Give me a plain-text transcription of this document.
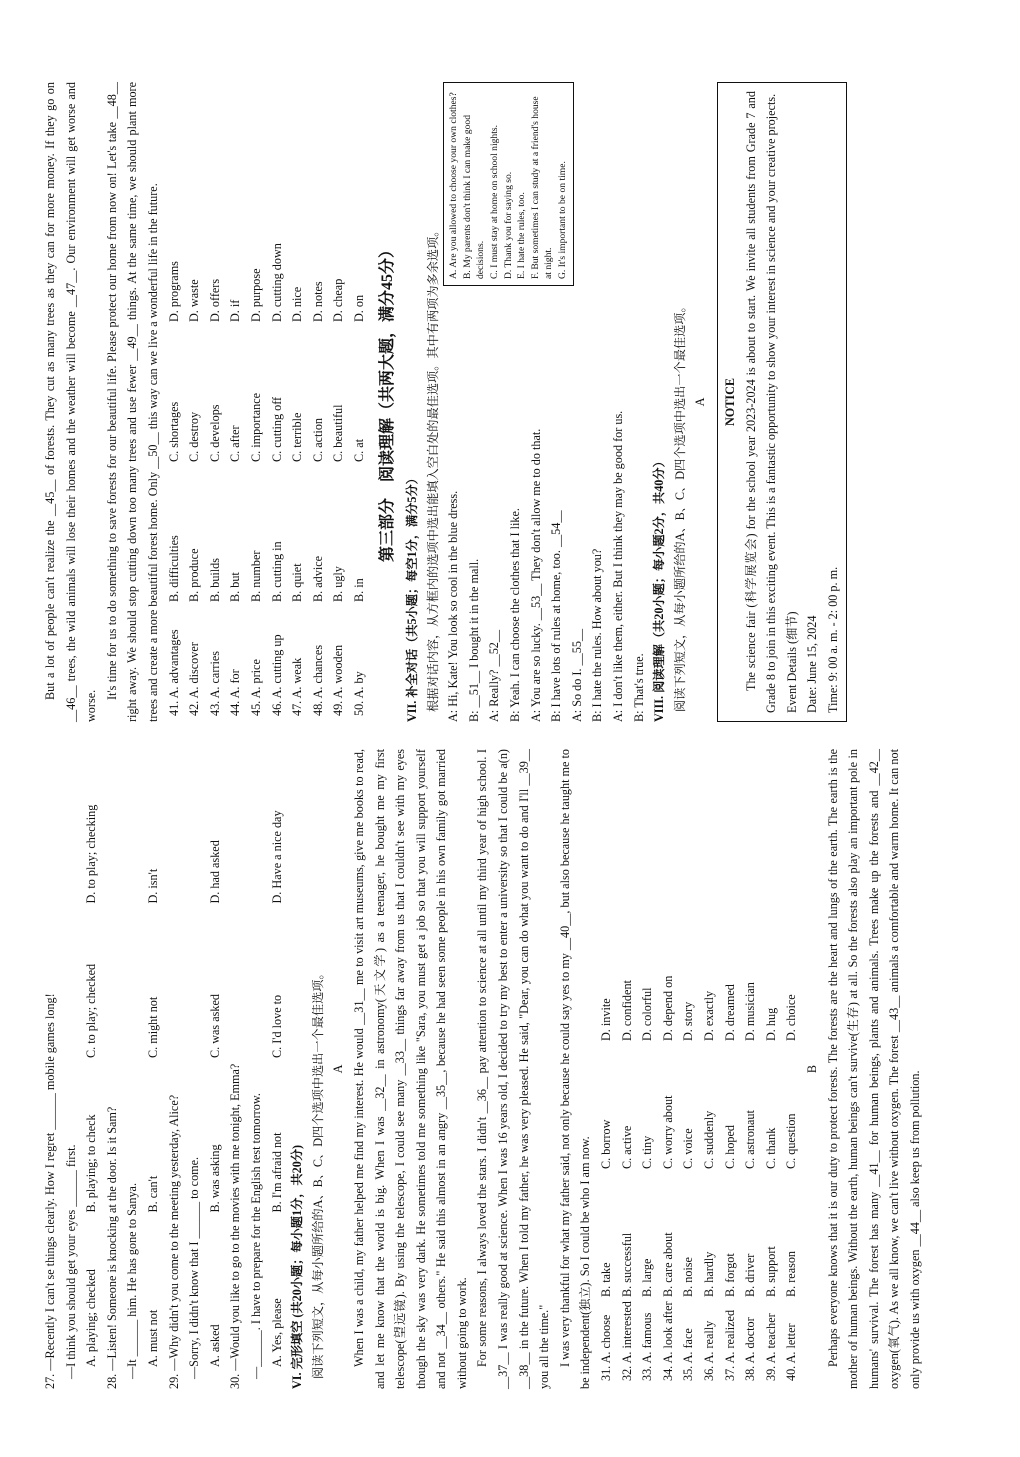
27. —Recently I can't se things clearly. How I regret ______ mobile games long! —I think you should get your eyes ______ first. A. playing; checked
B. playing; to check
C. to play; checked
D. to play; checking

28. —Listen! Someone is knocking at the door. Is it Sam? —It ______ him. He has gone to Sanya. A. must not
B. can't
C. might not
D. isn't

29. —Why didn't you come to the meeting yesterday, Alice? —Sorry, I didn't know that I ______ to come. A. asked
B. was asking
C. was asked
D. had asked

30. —Would you like to go to the movies with me tonight, Emma? —______. I have to prepare for the English test tomorrow. A. Yes, please
B. I'm afraid not
C. I'd love to
D. Have a nice day

VI. 完形填空 (共20小题；每小题1分，共20分) 阅读下列短文，从每小题所给的A、B、C、D四个选项中选出一个最佳选项。 A When I was a child, my father helped me find my interest. He would __31__ me to visit art museums, give me books to read, and let me know that the world is big. When I was __32__ in astronomy(天文学) as a teenager, he bought me my first telescope(望远镜). By using the telescope, I could see many __33__ things far away from us that I couldn't see with my eyes though the sky was very dark. He sometimes told me something like "Sara, you must get a job so that you will support yourself and not __34__ others." He said this almost in an angry __35__, because he had seen some people in his own family got married without going to work. For some reasons, I always loved the stars. I didn't __36__ pay attention to science at all until my third year of high school. I __37__ I was really good at science. When I was 16 years old, I decided to try my best to enter a university so that I could be a(n) __38__ in the future. When I told my father, he was very pleased. He said, "Dear, you can do what you want to do and I'll __39__ you all the time." I was very thankful for what my father said, not only because he could say yes to my __40__, but also because he taught me to be independent(独立). So I could be who I am now. 31. A. choose
B. take
C. borrow
D. invite
32. A. interested
B. successful
C. active
D. confident
33. A. famous
B. large
C. tiny
D. colorful
34. A. look after
B. care about
C. worry about
D. depend on
35. A. face
B. noise
C. voice
D. story
36. A. really
B. hardly
C. suddenly
D. exactly
37. A. realized
B. forgot
C. hoped
D. dreamed
38. A. doctor
B. driver
C. astronaut
D. musician
39. A. teacher
B. support
C. thank
D. hug
40. A. letter
B. reason
C. question
D. choice

B Perhaps everyone knows that it is our duty to protect forests. The forests are the heart and lungs of the earth. The earth is the mother of human beings. Without the earth, human beings can't survive(生存) at all. So the forests also play an important pole in humans' survival. The forest has many __41__ for human beings, plants and animals. Trees make up the forests and __42__ oxygen(氧气). As we all know, we can't live without oxygen. The forest __43__ animals a comfortable and warm home. It can not only provide us with oxygen __44__ also keep us from pollution.

But a lot of people can't realize the __45__ of forests. They cut as many trees as they can for more money. If they go on __46__ trees, the wild animals will lose their homes and the weather will become __47__. Our environment will get worse and worse.

It's time for us to do something to save forests for our beautiful life. Please protect our home from now on! Let's take __48__ right away. We should stop cutting down too many trees and use fewer __49__ things. At the same time, we should plant more trees and create a more beautiful forest home. Only __50__ this way can we live a wonderful life in the future. 41. A. advantages
B. difficulties
C. shortages
D. programs
42. A. discover
B. produce
C. destroy
D. waste
43. A. carries
B. builds
C. develops
D. offers
44. A. for
B. but
C. after
D. if
45. A. price
B. number
C. importance
D. purpose
46. A. cutting up
B. cutting in
C. cutting off
D. cutting down
47. A. weak
B. quiet
C. terrible
D. nice
48. A. chances
B. advice
C. action
D. notes
49. A. wooden
B. ugly
C. beautiful
D. cheap
50. A. by
B. in
C. at
D. on 第三部分　阅读理解（共两大题，满分45分）

VII. 补全对话（共5小题；每空1分，满分5分） 根据对话内容，从方框内的选项中选出能填入空白处的最佳选项。其中有两项为多余选项。 A: Hi, Kate! You look so cool in the blue dress. B: __51__ I bought it in the mall. A: Really? __52__ B: Yeah. I can choose the clothes that I like. A: You are so lucky. __53__ They don't allow me to do that. B: I have lots of rules at home, too. __54__ A: So do I. __55__ B: I hate the rules. How about you? A: I don't like them, either. But I think they may be good for us. B: That's true.

A. Are you allowed to choose your own clothes? B. My parents don't think I can make good decisions. C. I must stay at home on school nights. D. Thank you for saying so. E. I hate the rules, too. F. But sometimes I can study at a friend's house at night. G. It's important to be on time.

VIII. 阅读理解（共20小题；每小题2分，共40分） 阅读下列短文，从每小题所给的A、B、C、D四个选项中选出一个最佳选项。 A NOTICE The science fair (科学展览会) for the school year 2023-2024 is about to start. We invite all students from Grade 7 and Grade 8 to join in this exciting event. This is a fantastic opportunity to show your interest in science and your creative projects. Event Details (细节) Date: June 15, 2024 Time: 9: 00 a. m. - 2: 00 p. m.
